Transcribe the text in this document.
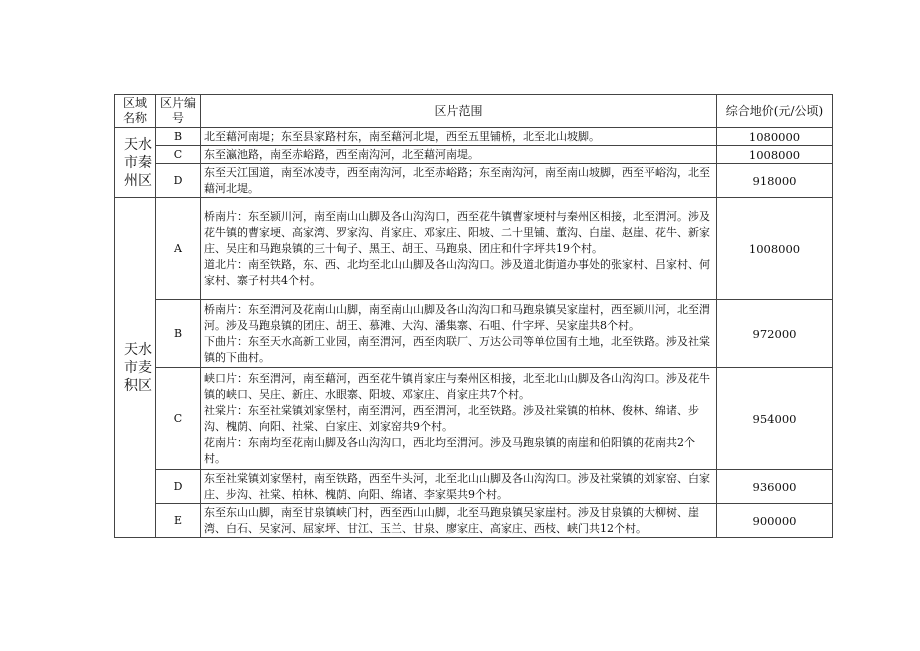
区域名称	区片编号	区片范围	综合地价(元/公顷)
天水市秦州区	B	北至藉河南堤；东至县家路村东，南至藉河北堤，西至五里铺桥，北至北山坡脚。	1080000
	C	东至瀛池路，南至赤峪路，西至南沟河，北至藉河南堤。	1008000
	D	东至天江国道，南至冰凌寺，西至南沟河，北至赤峪路；东至南沟河，南至南山坡脚，西至平峪沟，北至藉河北堤。	918000
天水市麦积区	A	桥南片：东至颍川河，南至南山山脚及各山沟沟口，西至花牛镇曹家埂村与秦州区相接，北至渭河。涉及花牛镇的曹家埂、高家湾、罗家沟、肖家庄、邓家庄、阳坡、二十里铺、董沟、白崖、赵崖、花牛、新家庄、吴庄和马跑泉镇的三十甸子、黑王、胡王、马跑泉、团庄和什字坪共19个村。
道北片：南至铁路，东、西、北均至北山山脚及各山沟沟口。涉及道北街道办事处的张家村、吕家村、何家村、寨子村共4个村。	1008000
	B	桥南片：东至渭河及花南山山脚，南至南山山脚及各山沟沟口和马跑泉镇吴家崖村，西至颍川河，北至渭河。涉及马跑泉镇的团庄、胡王、慕滩、大沟、潘集寨、石咀、什字坪、吴家崖共8个村。
下曲片：东至天水高新工业园，南至渭河，西至肉联厂、万达公司等单位国有土地，北至铁路。涉及社棠镇的下曲村。	972000
	C	峡口片：东至渭河，南至藉河，西至花牛镇肖家庄与秦州区相接，北至北山山脚及各山沟沟口。涉及花牛镇的峡口、吴庄、新庄、水眼寨、阳坡、邓家庄、肖家庄共7个村。
社棠片：东至社棠镇刘家堡村，南至渭河，西至渭河，北至铁路。涉及社棠镇的柏林、俊林、绵诸、步沟、槐荫、向阳、社棠、白家庄、刘家窑共9个村。
花南片：东南均至花南山脚及各山沟沟口，西北均至渭河。涉及马跑泉镇的南崖和伯阳镇的花南共2个村。	954000
	D	东至社棠镇刘家堡村，南至铁路，西至牛头河，北至北山山脚及各山沟沟口。涉及社棠镇的刘家窑、白家庄、步沟、社棠、柏林、槐荫、向阳、绵诸、李家渠共9个村。	936000
	E	东至东山山脚，南至甘泉镇峡门村，西至西山山脚，北至马跑泉镇吴家崖村。涉及甘泉镇的大柳树、崖湾、白石、吴家河、屈家坪、甘江、玉兰、甘泉、廖家庄、高家庄、西枝、峡门共12个村。	900000
